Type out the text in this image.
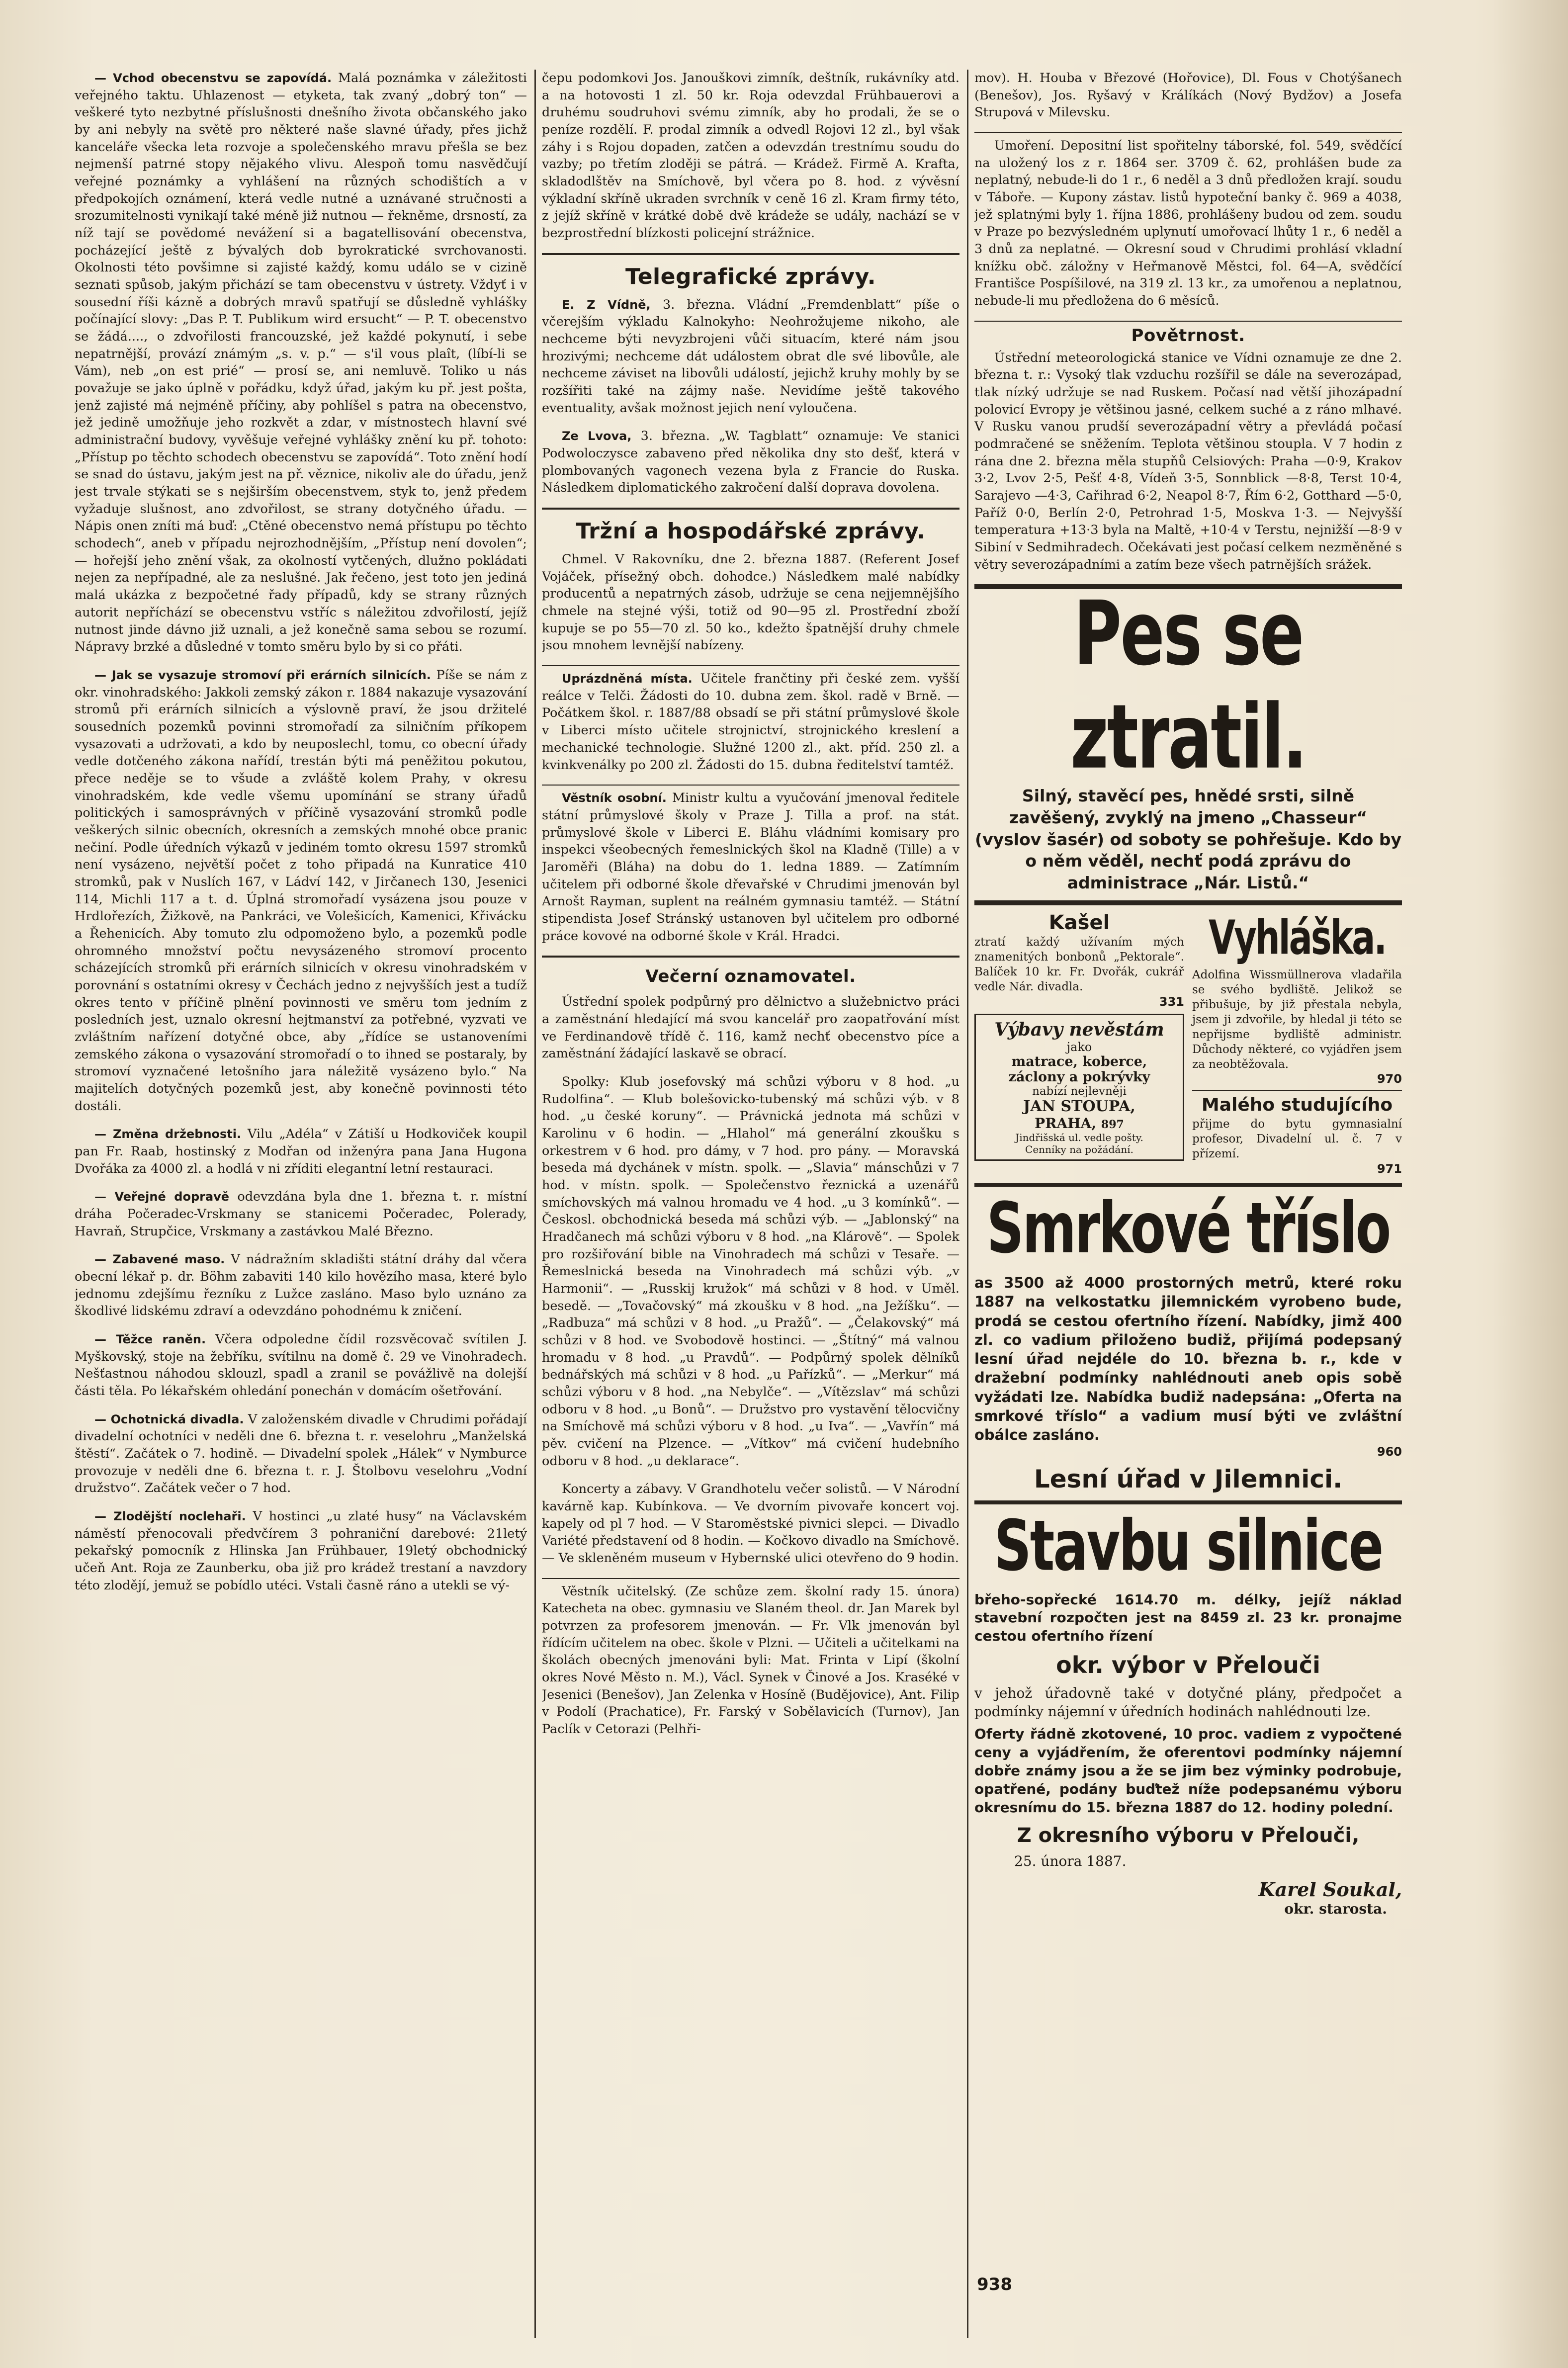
— Vchod obecenstvu se zapovídá. Malá poznámka v záležitosti veřejného taktu. Uhlazenost — etyketa, tak zvaný „dobrý ton“ — veškeré tyto nezbytné příslušnosti dnešního života občanského jako by ani nebyly na světě pro některé naše slavné úřady, přes jichž kanceláře všecka leta rozvoje a společenského mravu přešla se bez nejmenší patrné stopy nějakého vlivu. Alespoň tomu nasvědčují veřejné poznámky a vyhlášení na různých schodištích a v předpokojích oznámení, která vedle nutné a uznávané stručnosti a srozumitelnosti vynikají také méně již nutnou — řekněme, drsností, za níž tají se povědomé nevážení si a bagatellisování obecenstva, pocházející ještě z bývalých dob byrokratické svrchovanosti. Okolnosti této povšimne si zajisté každý, komu událo se v cizině seznati spůsob, jakým přichází se tam obecenstvu v ústrety. Vždyť i v sousední říši kázně a dobrých mravů spatřují se důsledně vyhlášky počínající slovy: „Das P. T. Publikum wird ersucht“ — P. T. obecenstvo se žádá...., o zdvořilosti francouzské, jež každé pokynutí, i sebe nepatrnější, provází známým „s. v. p.“ — s'il vous plaît, (líbí-li se Vám), neb „on est prié“ — prosí se, ani nemluvě. Toliko u nás považuje se jako úplně v pořádku, když úřad, jakým ku př. jest pošta, jenž zajisté má nejméně příčiny, aby pohlíšel s patra na obecenstvo, jež jedině umožňuje jeho rozkvět a zdar, v místnostech hlavní své administrační budovy, vyvěšuje veřejné vyhlášky znění ku př. tohoto: „Přístup po těchto schodech obecenstvu se zapovídá“. Toto znění hodí se snad do ústavu, jakým jest na př. věznice, nikoliv ale do úřadu, jenž jest trvale stýkati se s nejširším obecenstvem, styk to, jenž předem vyžaduje slušnost, ano zdvořilost, se strany dotyčného úřadu. — Nápis onen zníti má buď: „Ctěné obecenstvo nemá přístupu po těchto schodech“, aneb v případu nejrozhodnějším, „Přístup není dovolen“; — hořejší jeho znění však, za okolností vytčených, dlužno pokládati nejen za nepřípadné, ale za neslušné. Jak řečeno, jest toto jen jediná malá ukázka z bezpočetné řady případů, kdy se strany různých autorit nepříchází se obecenstvu vstříc s náležitou zdvořilostí, jejíž nutnost jinde dávno již uznali, a jež konečně sama sebou se rozumí. Nápravy brzké a důsledné v tomto směru bylo by si co přáti.

— Jak se vysazuje stromoví při erárních silnicích. Píše se nám z okr. vinohradského: Jakkoli zemský zákon r. 1884 nakazuje vysazování stromů při erárních silnicích a výslovně praví, že jsou držitelé sousedních pozemků povinni stromořadí za silničním příkopem vysazovati a udržovati, a kdo by neuposlechl, tomu, co obecní úřady vedle dotčeného zákona nařídí, trestán býti má peněžitou pokutou, přece neděje se to všude a zvláště kolem Prahy, v okresu vinohradském, kde vedle všemu upomínání se strany úřadů politických i samosprávných v příčině vysazování stromků podle veškerých silnic obecních, okresních a zemských mnohé obce pranic nečiní. Podle úředních výkazů v jediném tomto okresu 1597 stromků není vysázeno, největší počet z toho připadá na Kunratice 410 stromků, pak v Nuslích 167, v Ládví 142, v Jirčanech 130, Jesenici 114, Michli 117 a t. d. Úplná stromořadí vysázena jsou pouze v Hrdlořezích, Žižkově, na Pankráci, ve Volešicích, Kamenici, Křivácku a Řehenicích. Aby tomuto zlu odpomoženo bylo, a pozemků podle ohromného množství počtu nevysázeného stromoví procento scházejících stromků při erárních silnicích v okresu vinohradském v porovnání s ostatními okresy v Čechách jedno z nejvyšších jest a tudíž okres tento v příčině plnění povinnosti ve směru tom jedním z posledních jest, uznalo okresní hejtmanství za potřebné, vyzvati ve zvláštním nařízení dotyčné obce, aby „řídíce se ustanoveními zemského zákona o vysazování stromořadí o to ihned se postaraly, by stromoví vyznačené letošního jara náležitě vysázeno bylo.“ Na majitelích dotyčných pozemků jest, aby konečně povinnosti této dostáli.

— Změna držebnosti. Vilu „Adéla“ v Zátiší u Hodkoviček koupil pan Fr. Raab, hostinský z Modřan od inženýra pana Jana Hugona Dvořáka za 4000 zl. a hodlá v ni zříditi elegantní letní restauraci.

— Veřejné dopravě odevzdána byla dne 1. března t. r. místní dráha Počeradec-Vrskmany se stanicemi Počeradec, Polerady, Havraň, Strupčice, Vrskmany a zastávkou Malé Březno.

— Zabavené maso. V nádražním skladišti státní dráhy dal včera obecní lékař p. dr. Böhm zabaviti 140 kilo hovězího masa, které bylo jednomu zdejšímu řezníku z Lužce zasláno. Maso bylo uznáno za škodlivé lidskému zdraví a odevzdáno pohodnému k zničení.

— Těžce raněn. Včera odpoledne čídil rozsvěcovač svítilen J. Myškovský, stoje na žebříku, svítilnu na domě č. 29 ve Vinohradech. Nešťastnou náhodou sklouzl, spadl a zranil se povážlivě na dolejší části těla. Po lékařském ohledání ponechán v domácím ošetřování.

— Ochotnická divadla. V založenském divadle v Chrudimi pořádají divadelní ochotníci v neděli dne 6. března t. r. veselohru „Manželská štěstí“. Začátek o 7. hodině. — Divadelní spolek „Hálek“ v Nymburce provozuje v neděli dne 6. března t. r. J. Štolbovu veselohru „Vodní družstvo“. Začátek večer o 7 hod.

— Zlodějští noclehaři. V hostinci „u zlaté husy“ na Václavském náměstí přenocovali předvčírem 3 pohraniční darebové: 21letý pekařský pomocník z Hlinska Jan Frühbauer, 19letý obchodnický učeň Ant. Roja ze Zaunberku, oba již pro krádež trestaní a navzdory této zlodějí, jemuž se pobídlo utéci. Vstali časně ráno a utekli se vý-

čepu podomkovi Jos. Janouškovi zimník, deštník, rukávníky atd. a na hotovosti 1 zl. 50 kr. Roja odevzdal Frühbauerovi a druhému soudruhovi svému zimník, aby ho prodali, že se o peníze rozdělí. F. prodal zimník a odvedl Rojovi 12 zl., byl však záhy i s Rojou dopaden, zatčen a odevzdán trestnímu soudu do vazby; po třetím zloději se pátrá. — Krádež. Firmě A. Krafta, skladodlštěv na Smíchově, byl včera po 8. hod. z vývěsní výkladní skříně ukraden svrchník v ceně 16 zl. Kram firmy této, z jejíž skříně v krátké době dvě krádeže se udály, nachází se v bezprostřední blízkosti policejní strážnice.

Telegrafické zprávy.

E. Z Vídně, 3. března. Vládní „Fremdenblatt“ píše o včerejším výkladu Kalnokyho: Neohrožujeme nikoho, ale nechceme býti nevyzbrojeni vůči situacím, které nám jsou hrozivými; nechceme dát událostem obrat dle své libovůle, ale nechceme záviset na libovůli událostí, jejichž kruhy mohly by se rozšířiti také na zájmy naše. Nevidíme ještě takového eventuality, avšak možnost jejich není vyloučena.

Ze Lvova, 3. března. „W. Tagblatt“ oznamuje: Ve stanici Podwoloczysce zabaveno před několika dny sto dešť, která v plombovaných vagonech vezena byla z Francie do Ruska. Následkem diplomatického zakročení další doprava dovolena.

Tržní a hospodářské zprávy.

Chmel. V Rakovníku, dne 2. března 1887. (Referent Josef Vojáček, přísežný obch. dohodce.) Následkem malé nabídky producentů a nepatrných zásob, udržuje se cena nejjemnějšího chmele na stejné výši, totiž od 90—95 zl. Prostřední zboží kupuje se po 55—70 zl. 50 ko., kdežto špatnější druhy chmele jsou mnohem levnější nabízeny.

Uprázdněná místa. Učitele frančtiny při české zem. vyšší reálce v Telči. Žádosti do 10. dubna zem. škol. radě v Brně. — Počátkem škol. r. 1887/88 obsadí se při státní průmyslové škole v Liberci místo učitele strojnictví, strojnického kreslení a mechanické technologie. Služné 1200 zl., akt. příd. 250 zl. a kvinkvenálky po 200 zl. Žádosti do 15. dubna ředitelství tamtéž.

Věstník osobní. Ministr kultu a vyučování jmenoval ředitele státní průmyslové školy v Praze J. Tilla a prof. na stát. průmyslové škole v Liberci E. Bláhu vládními komisary pro inspekci všeobecných řemeslnických škol na Kladně (Tille) a v Jaroměři (Bláha) na dobu do 1. ledna 1889. — Zatímním učitelem při odborné škole dřevařské v Chrudimi jmenován byl Arnošt Rayman, suplent na reálném gymnasiu tamtéž. — Státní stipendista Josef Stránský ustanoven byl učitelem pro odborné práce kovové na odborné škole v Král. Hradci.

Večerní oznamovatel.

Ústřední spolek podpůrný pro dělnictvo a služebnictvo práci a zaměstnání hledající má svou kancelář pro zaopatřování míst ve Ferdinandově třídě č. 116, kamž nechť obecenstvo píce a zaměstnání žádající laskavě se obrací.

Spolky: Klub josefovský má schůzi výboru v 8 hod. „u Rudolfina“. — Klub bolešovicko-tubenský má schůzi výb. v 8 hod. „u české koruny“. — Právnická jednota má schůzi v Karolinu v 6 hodin. — „Hlahol“ má generální zkoušku s orkestrem v 6 hod. pro dámy, v 7 hod. pro pány. — Moravská beseda má dychánek v místn. spolk. — „Slavia“ mánschůzi v 7 hod. v místn. spolk. — Společenstvo řeznická a uzenářů smíchovských má valnou hromadu ve 4 hod. „u 3 komínků“. — Českosl. obchodnická beseda má schůzi výb. — „Jablonský“ na Hradčanech má schůzi výboru v 8 hod. „na Klárově“. — Spolek pro rozšiřování bible na Vinohradech má schůzi v Tesaře. — Řemeslnická beseda na Vinohradech má schůzi výb. „v Harmonii“. — „Russkij kružok“ má schůzi v 8 hod. v Uměl. besedě. — „Tovačovský“ má zkoušku v 8 hod. „na Ježíšku“. — „Radbuza“ má schůzi v 8 hod. „u Pražů“. — „Čelakovský“ má schůzi v 8 hod. ve Svobodově hostinci. — „Štítný“ má valnou hromadu v 8 hod. „u Pravdů“. — Podpůrný spolek dělníků bednářských má schůzi v 8 hod. „u Pařízků“. — „Merkur“ má schůzi výboru v 8 hod. „na Nebylče“. — „Vítězslav“ má schůzi odboru v 8 hod. „u Bonů“. — Družstvo pro vystavění tělocvičny na Smíchově má schůzi výboru v 8 hod. „u Iva“. — „Vavřín“ má pěv. cvičení na Plzence. — „Vítkov“ má cvičení hudebního odboru v 8 hod. „u deklarace“.

Koncerty a zábavy. V Grandhotelu večer solistů. — V Národní kavárně kap. Kubínkova. — Ve dvorním pivovaře koncert voj. kapely od pl 7 hod. — V Staroměstské pivnici slepci. — Divadlo Variété představení od 8 hodin. — Kočkovo divadlo na Smíchově. — Ve skleněném museum v Hybernské ulici otevřeno do 9 hodin.

Věstník učitelský. (Ze schůze zem. školní rady 15. února) Katecheta na obec. gymnasiu ve Slaném theol. dr. Jan Marek byl potvrzen za profesorem jmenován. — Fr. Vlk jmenován byl řídícím učitelem na obec. škole v Plzni. — Učiteli a učitelkami na školách obecných jmenováni byli: Mat. Frinta v Lipí (školní okres Nové Město n. M.), Václ. Synek v Činové a Jos. Kraséké v Jesenici (Benešov), Jan Zelenka v Hosíně (Budějovice), Ant. Filip v Podolí (Prachatice), Fr. Farský v Sobělavicích (Turnov), Jan Paclík v Cetorazi (Pelhři-

mov). H. Houba v Březové (Hořovice), Dl. Fous v Chotýšanech (Benešov), Jos. Ryšavý v Králíkách (Nový Bydžov) a Josefa Strupová v Milevsku.

Umoření. Depositní list spořitelny táborské, fol. 549, svědčící na uložený los z r. 1864 ser. 3709 č. 62, prohlášen bude za neplatný, nebude-li do 1 r., 6 neděl a 3 dnů předložen krají. soudu v Táboře. — Kupony zástav. listů hypoteční banky č. 969 a 4038, jež splatnými byly 1. října 1886, prohlášeny budou od zem. soudu v Praze po bezvýsledném uplynutí umořovací lhůty 1 r., 6 neděl a 3 dnů za neplatné. — Okresní soud v Chrudimi prohlásí vkladní knížku obč. záložny v Heřmanově Městci, fol. 64—A, svědčící Františce Pospíšilové, na 319 zl. 13 kr., za umořenou a neplatnou, nebude-li mu předložena do 6 měsíců.

Povětrnost.

Ústřední meteorologická stanice ve Vídni oznamuje ze dne 2. března t. r.: Vysoký tlak vzduchu rozšířil se dále na severozápad, tlak nízký udržuje se nad Ruskem. Počasí nad větší jihozápadní polovicí Evropy je většinou jasné, celkem suché a z ráno mlhavé. V Rusku vanou prudší severozápadní větry a převládá počasí podmračené se sněžením. Teplota většinou stoupla. V 7 hodin z rána dne 2. března měla stupňů Celsiových: Praha —0·9, Krakov 3·2, Lvov 2·5, Pešť 4·8, Vídeň 3·5, Sonnblick —8·8, Terst 10·4, Sarajevo —4·3, Cařihrad 6·2, Neapol 8·7, Řím 6·2, Gotthard —5·0, Paříž 0·0, Berlín 2·0, Petrohrad 1·5, Moskva 1·3. — Nejvyšší temperatura +13·3 byla na Maltě, +10·4 v Terstu, nejnižší —8·9 v Sibiní v Sedmihradech. Očekávati jest počasí celkem nezměněné s větry severozápadními a zatím beze všech patrnějších srážek.

Pes se ztratil.
Silný, stavěcí pes, hnědé srsti, silně zavěšený, zvyklý na jmeno „Chasseur“ (vyslov šasér) od soboty se pohřešuje. Kdo by o něm věděl, nechť podá zprávu do administrace „Nár. Listů.“
Kašel
ztratí každý užívaním mých znamenitých bonbonů „Pektorale“. Balíček 10 kr. Fr. Dvořák, cukrář vedle Nár. divadla.
331
Výbavy nevěstám
jako
matrace, koberce,
záclony a pokrývky
nabízí nejlevněji
JAN STOUPA,
PRAHA, 897
Jindřišská ul. vedle pošty.
Cenníky na požádání.
Vyhláška.
Adolfina Wissmüllnerova vladařila se svého bydliště. Jelikož se přibušuje, by již přestala nebyla, jsem ji zdvořile, by hledal ji této se nepřijsme bydliště administr. Důchody některé, co vyjádřen jsem za neobtěžovala.
970
Malého studujícího
přijme do bytu gymnasialní profesor, Divadelní ul. č. 7 v přízemí.
971
Smrkové tříslo
as 3500 až 4000 prostorných metrů, které roku 1887 na velkostatku jilemnickém vyrobeno bude, prodá se cestou ofertního řízení. Nabídky, jimž 400 zl. co vadium přiloženo budiž, přijímá podepsaný lesní úřad nejdéle do 10. března b. r., kde v dražební podmínky nahlédnouti aneb opis sobě vyžádati lze. Nabídka budiž nadepsána: „Oferta na smrkové tříslo“ a vadium musí býti ve zvláštní obálce zasláno.
960
Lesní úřad v Jilemnici.
Stavbu silnice
břeho-sopřecké 1614.70 m. délky, jejíž náklad stavební rozpočten jest na 8459 zl. 23 kr. pronajme cestou ofertního řízení
okr. výbor v Přelouči
v jehož úřadovně také v dotyčné plány, předpočet a podmínky nájemní v úředních hodinách nahlédnouti lze.
Oferty řádně zkotovené, 10 proc. vadiem z vypočtené ceny a vyjádřením, že oferentovi podmínky nájemní dobře známy jsou a že se jim bez výminky podrobuje, opatřené, podány buďtež níže podepsanému výboru okresnímu do 15. března 1887 do 12. hodiny polední.
Z okresního výboru v Přelouči,
25. února 1887.
Karel Soukal,
okr. starosta.
938
